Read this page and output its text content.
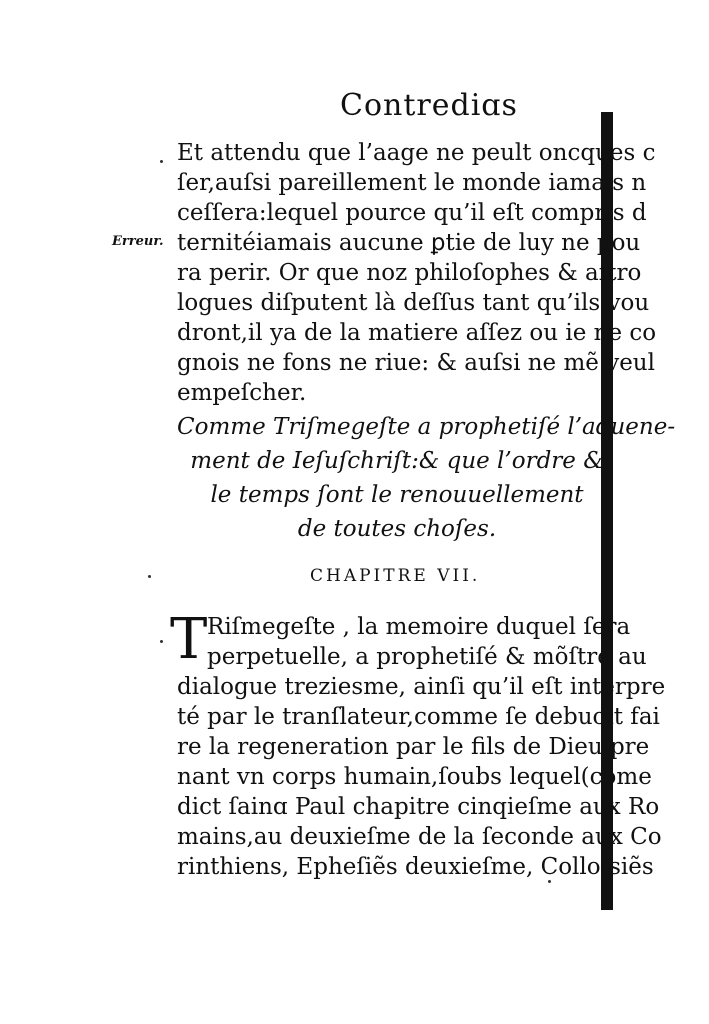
Contrediɑs
Erreur.
Et attendu que l’aage ne peult oncques c
ſer,auſsi pareillement le monde iamais n
ceſſera:lequel pource qu’il eſt compris d
ternitéiamais aucune ꝑtie de luy ne pou
ra perir. Or que noz philoſophes & aſtro
logues diſputent là deſſus tant qu’ils vou
dront,il ya de la matiere aſſez ou ie ne co
gnois ne fons ne riue: & auſsi ne mẽ veul
empeſcher.
Comme Triſmegeſte a prophetiſé l’aduene-
ment de Ieſuſchriſt:& que l’ordre &
le temps ſont le renouuellement
de toutes choſes.
CHAPITRE VII.
T Riſmegeſte , la memoire duquel ſera
perpetuelle, a prophetiſé & mõſtré au
dialogue treziesme, ainſi qu’il eſt interpre
té par le tranſlateur,comme ſe debuoit fai
re la regeneration par le fils de Dieu pre
nant vn corps humain,ſoubs lequel(côme
dict ſainɑ Paul chapitre cinqieſme aux Ro
mains,au deuxieſme de la ſeconde aux Co
rinthiens, Epheſiẽs deuxieſme, Colloſsiẽs
